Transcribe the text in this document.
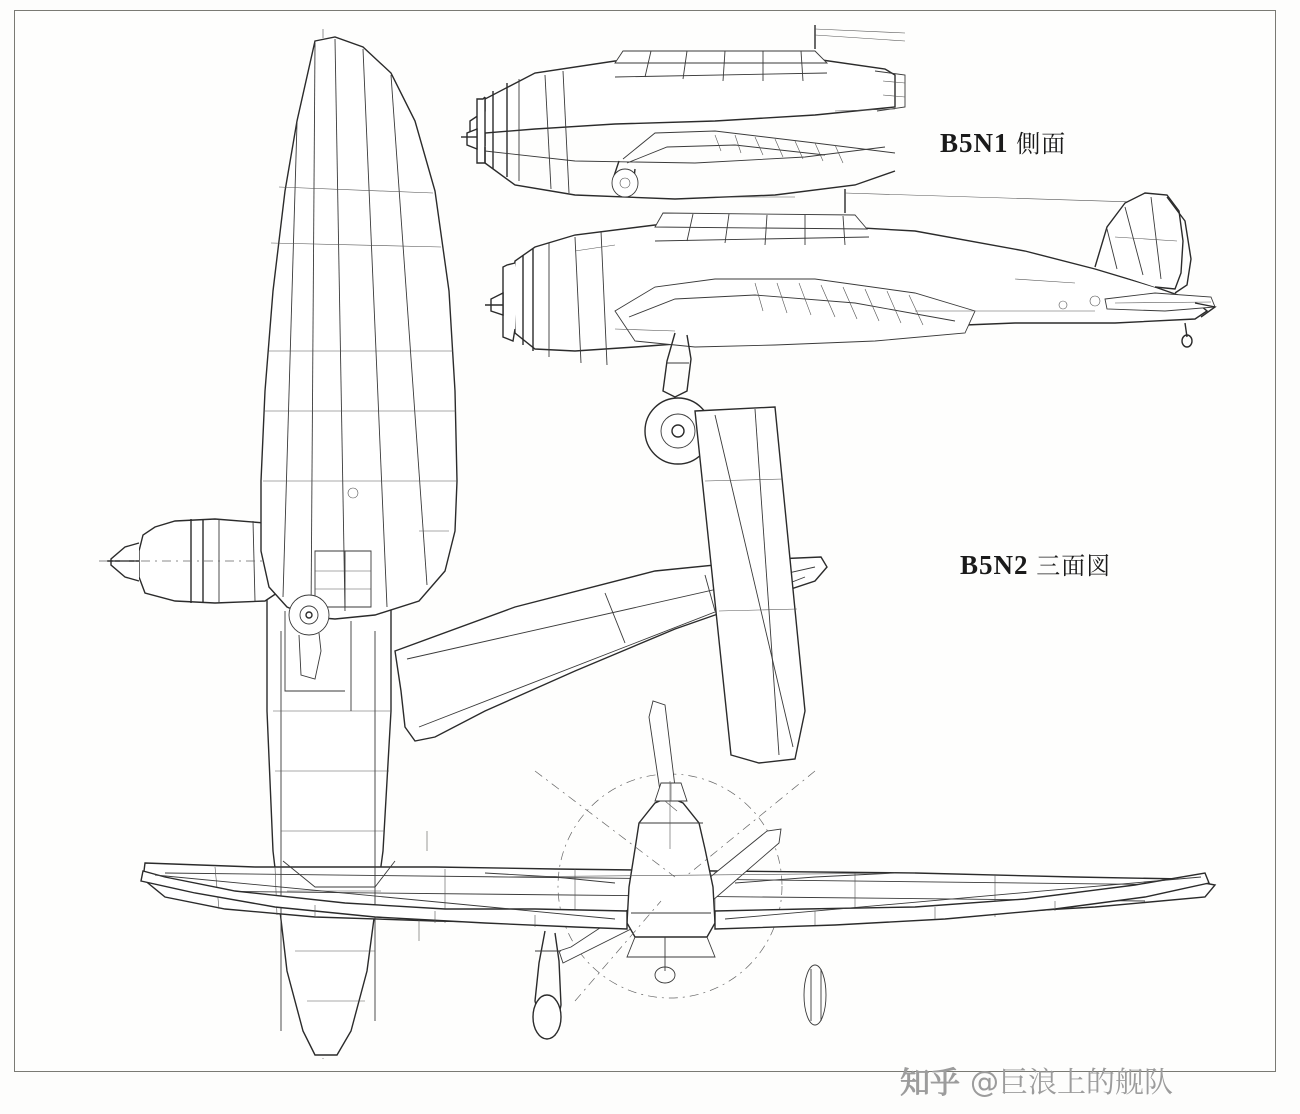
B5N1 側面
B5N2 三面図
知乎 @巨浪上的舰队
